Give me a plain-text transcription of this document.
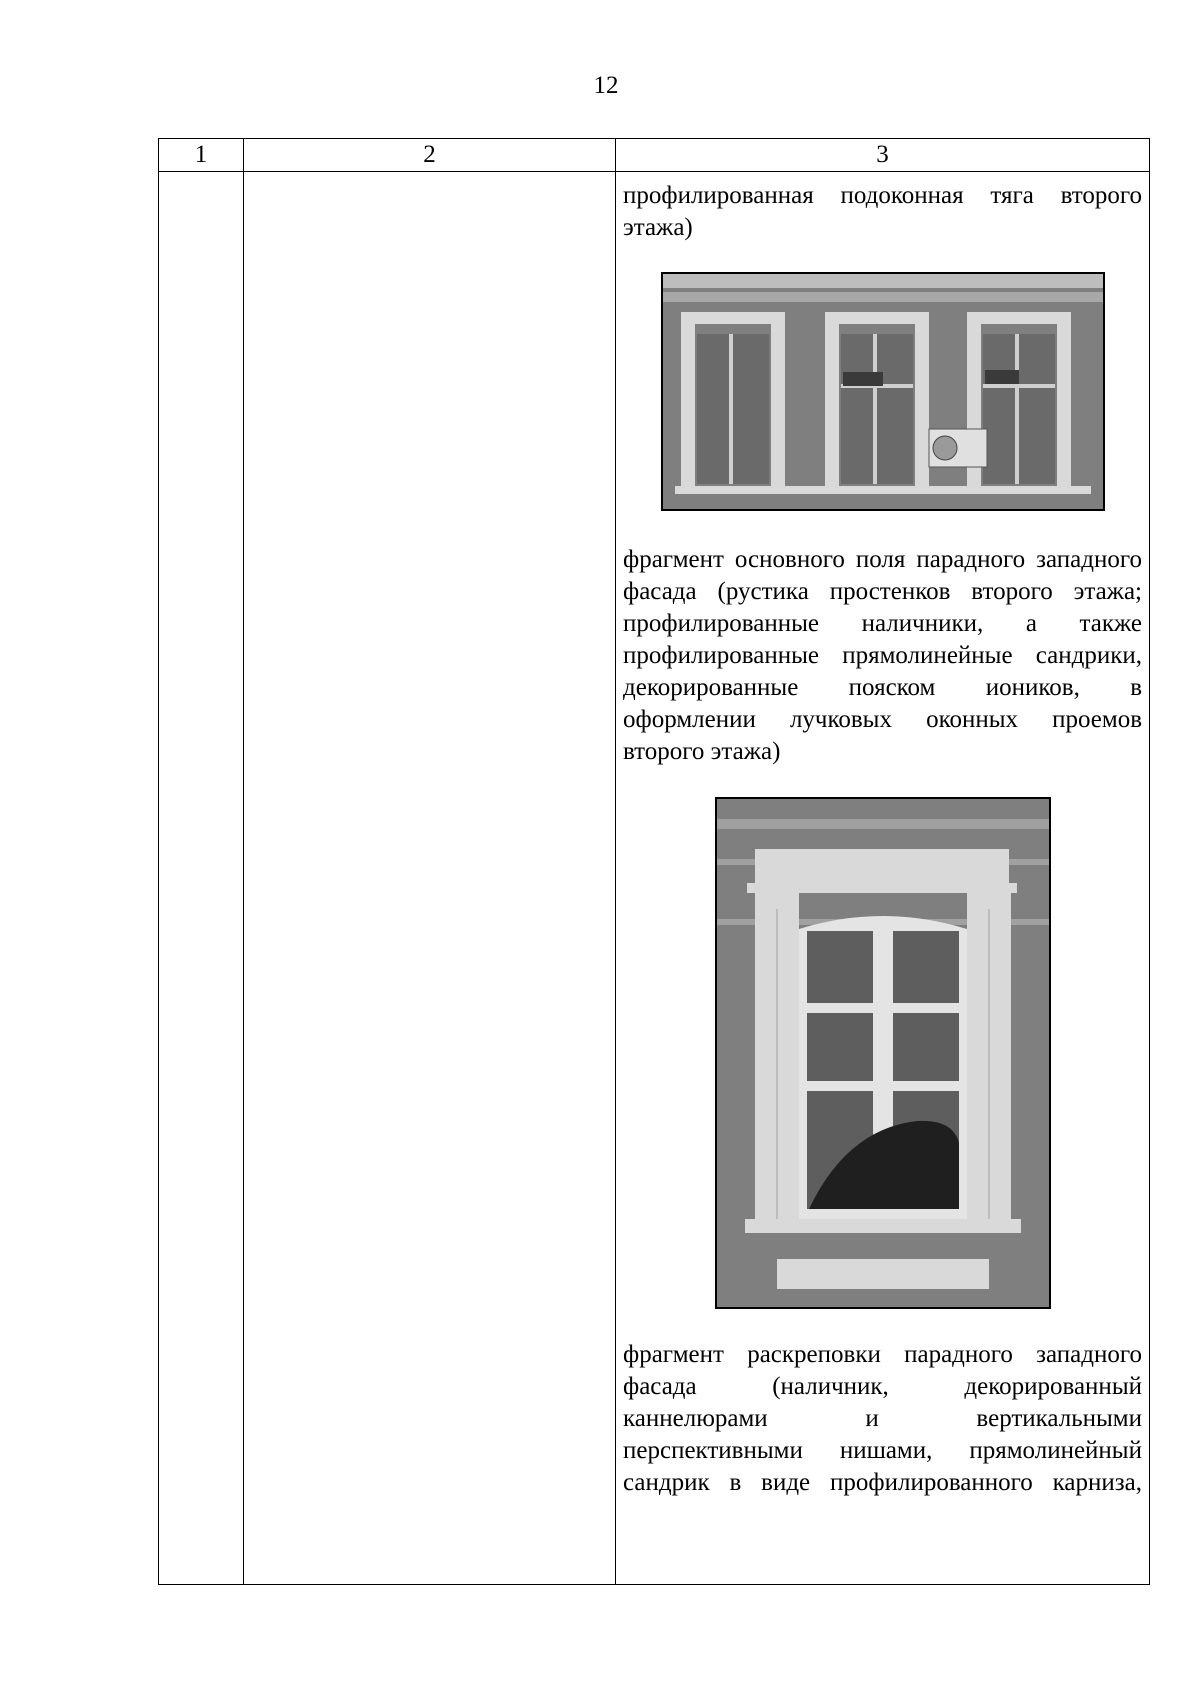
12
1	2	3

		профилированная подоконная тяга второго этажа)

фрагмент основного поля парадного западного фасада (рустика простенков второго этажа; профилированные наличники, а также профилированные прямолинейные сандрики, декорированные пояском иоников, в оформлении лучковых оконных проемов второго этажа)

фрагмент раскреповки парадного западного фасада (наличник, декорированный каннелюрами и вертикальными перспективными нишами, прямолинейный сандрик в виде профилированного карниза,
